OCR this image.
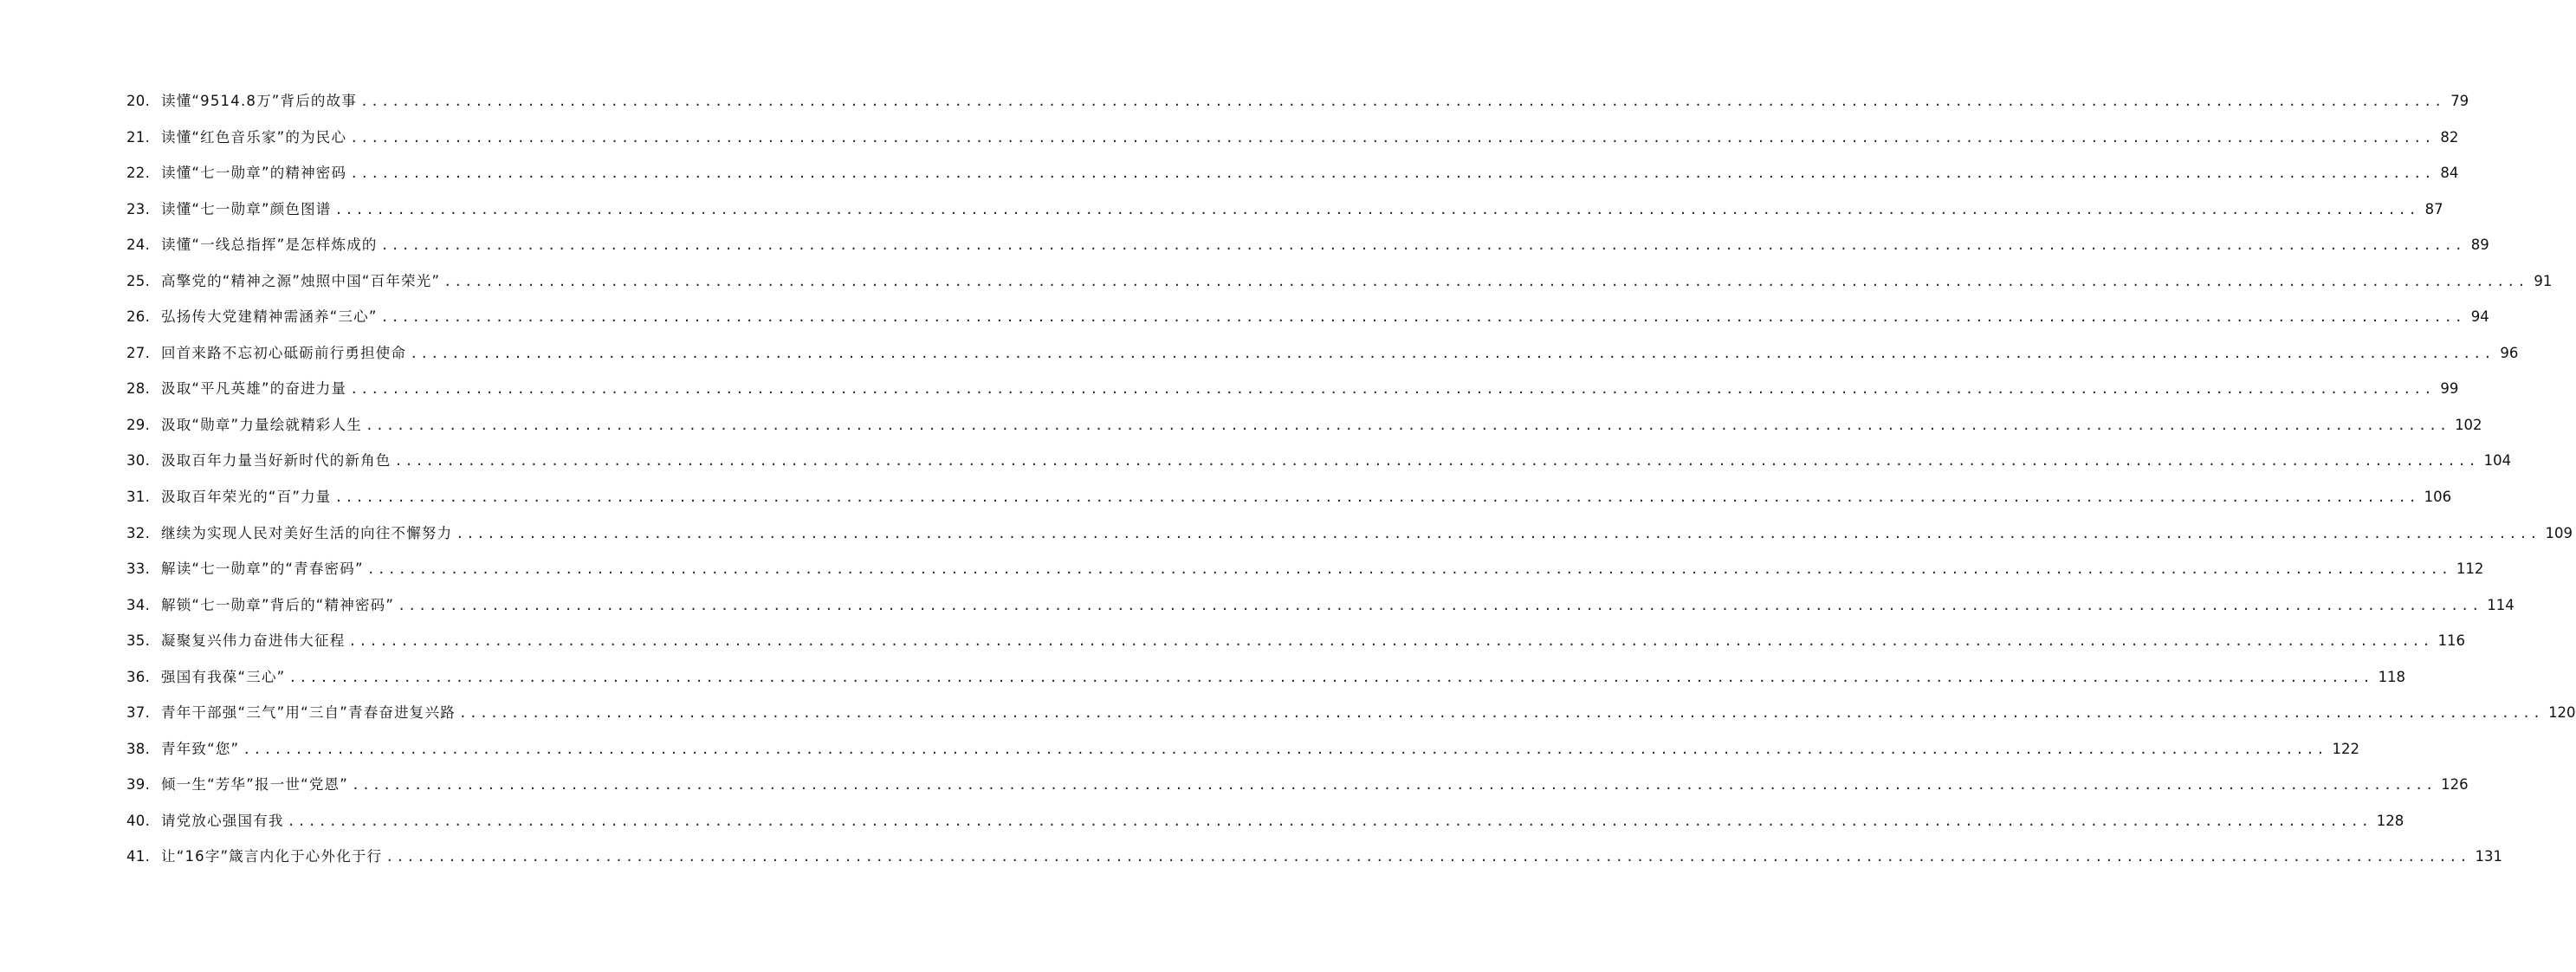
20. 读懂“9514.8万”背后的故事 ........................................................................................................................................................................................................ 79
21. 读懂“红色音乐家”的为民心 ........................................................................................................................................................................................................ 82
22. 读懂“七一勋章”的精神密码 ........................................................................................................................................................................................................ 84
23. 读懂“七一勋章”颜色图谱 ........................................................................................................................................................................................................ 87
24. 读懂“一线总指挥”是怎样炼成的 ........................................................................................................................................................................................................ 89
25. 高擎党的“精神之源”烛照中国“百年荣光” ........................................................................................................................................................................................................ 91
26. 弘扬传大党建精神需涵养“三心” ........................................................................................................................................................................................................ 94
27. 回首来路不忘初心砥砺前行勇担使命 ........................................................................................................................................................................................................ 96
28. 汲取“平凡英雄”的奋进力量 ........................................................................................................................................................................................................ 99
29. 汲取“勋章”力量绘就精彩人生 ........................................................................................................................................................................................................ 102
30. 汲取百年力量当好新时代的新角色 ........................................................................................................................................................................................................ 104
31. 汲取百年荣光的“百”力量 ........................................................................................................................................................................................................ 106
32. 继续为实现人民对美好生活的向往不懈努力 ........................................................................................................................................................................................................ 109
33. 解读“七一勋章”的“青春密码” ........................................................................................................................................................................................................ 112
34. 解锁“七一勋章”背后的“精神密码” ........................................................................................................................................................................................................ 114
35. 凝聚复兴伟力奋进伟大征程 ........................................................................................................................................................................................................ 116
36. 强国有我葆“三心” ........................................................................................................................................................................................................ 118
37. 青年干部强“三气”用“三自”青春奋进复兴路 ........................................................................................................................................................................................................ 120
38. 青年致“您” ........................................................................................................................................................................................................ 122
39. 倾一生“芳华”报一世“党恩” ........................................................................................................................................................................................................ 126
40. 请党放心强国有我 ........................................................................................................................................................................................................ 128
41. 让“16字”箴言内化于心外化于行 ........................................................................................................................................................................................................ 131
